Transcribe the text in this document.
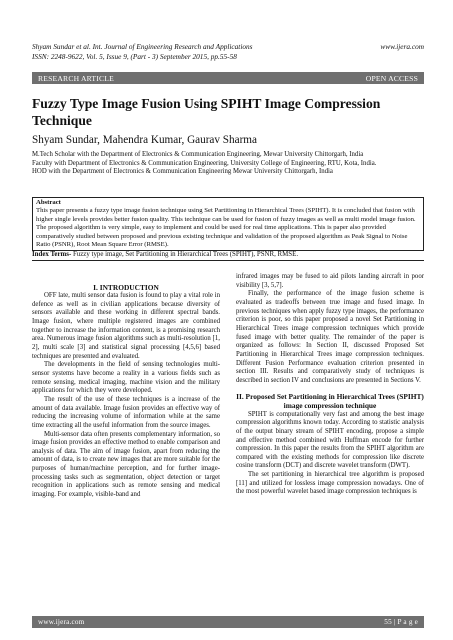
Shyam Sundar et al. Int. Journal of Engineering Research and Applications	www.ijera.com
ISSN: 2248-9622, Vol. 5, Issue 9, (Part - 3) September 2015, pp.55-58
RESEARCH ARTICLE	OPEN ACCESS
Fuzzy Type Image Fusion Using SPIHT Image Compression Technique
Shyam Sundar, Mahendra Kumar, Gaurav Sharma
M.Tech Scholar with the Department of Electronics & Communication Engineering, Mewar University Chittorgarh, India
Faculty with Department of Electronics & Communication Engineering, University College of Engineering, RTU, Kota, India.
HOD with the Department of Electronics & Communication Engineering Mewar University Chittorgarh, India
Abstract
This paper presents a fuzzy type image fusion technique using Set Partitioning in Hierarchical Trees (SPIHT). It is concluded that fusion with higher single levels provides better fusion quality. This technique can be used for fusion of fuzzy images as well as multi model image fusion. The proposed algorithm is very simple, easy to implement and could be used for real time applications. This is paper also provided comparatively studied between proposed and previous existing technique and validation of the proposed algorithm as Peak Signal to Noise Ratio (PSNR), Root Mean Square Error (RMSE).
Index Terms- Fuzzy type image, Set Partitioning in Hierarchical Trees (SPIHT), PSNR, RMSE.

I. INTRODUCTION

OFF late, multi sensor data fusion is found to play a vital role in defence as well as in civilian applications because diversity of sensors available and these working in different spectral bands. Image fusion, where multiple registered images are combined together to increase the information content, is a promising research area. Numerous image fusion algorithms such as multi-resolution [1, 2], multi scale [3] and statistical signal processing [4,5,6] based techniques are presented and evaluated.

The developments in the field of sensing technologies multi-sensor systems have become a reality in a various fields such as remote sensing, medical imaging, machine vision and the military applications for which they were developed.

The result of the use of these techniques is a increase of the amount of data available. Image fusion provides an effective way of reducing the increasing volume of information while at the same time extracting all the useful information from the source images.

Multi-sensor data often presents complementary information, so image fusion provides an effective method to enable comparison and analysis of data. The aim of image fusion, apart from reducing the amount of data, is to create new images that are more suitable for the purposes of human/machine perception, and for further image- processing tasks such as segmentation, object detection or target recognition in applications such as remote sensing and medical imaging. For example, visible-band and

infrared images may be fused to aid pilots landing aircraft in poor visibility [3, 5,7].

Finally, the performance of the image fusion scheme is evaluated as tradeoffs between true image and fused image. In previous techniques when apply fuzzy type images, the performance criterion is poor, so this paper proposed a novel Set Partitioning in Hierarchical Trees image compression techniques which provide fused image with better quality. The remainder of the paper is organized as follows: In Section II, discussed Proposed Set Partitioning in Hierarchical Trees image compression techniques. Different Fusion Performance evaluation criterion presented in section III. Results and comparatively study of techniques is described in section IV and conclusions are presented in Sections V.

II. Proposed Set Partitioning in Hierarchical Trees (SPIHT) image compression technique

SPIHT is computationally very fast and among the best image compression algorithms known today. According to statistic analysis of the output binary stream of SPIHT encoding, propose a simple and effective method combined with Huffman encode for further compression. In this paper the results from the SPIHT algorithm are compared with the existing methods for compression like discrete cosine transform (DCT) and discrete wavelet transform (DWT).

The set partitioning in hierarchical tree algorithm is proposed [11] and utilized for lossless image compression nowadays. One of the most powerful wavelet based image compression techniques is

www.ijera.com	55 | P a g e
